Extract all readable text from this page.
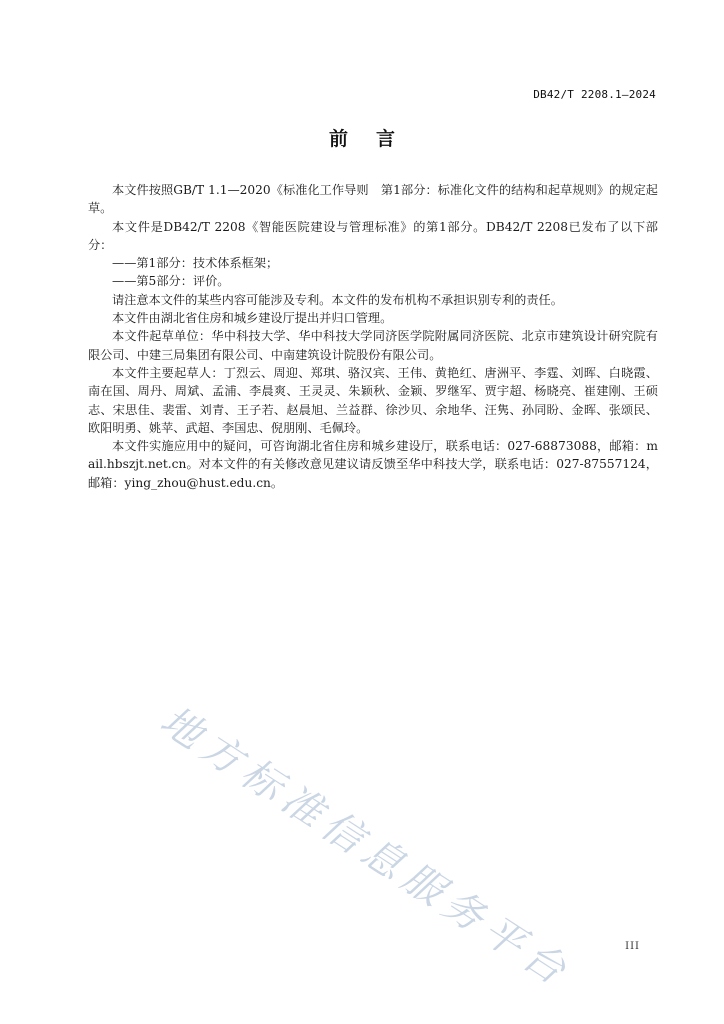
DB42/T 2208.1—2024
前言

本文件按照GB/T 1.1—2020《标准化工作导则　第1部分：标准化文件的结构和起草规则》的规定起草。

本文件是DB42/T 2208《智能医院建设与管理标准》的第1部分。DB42/T 2208已发布了以下部分：

——第1部分：技术体系框架；

——第5部分：评价。

请注意本文件的某些内容可能涉及专利。本文件的发布机构不承担识别专利的责任。

本文件由湖北省住房和城乡建设厅提出并归口管理。

本文件起草单位：华中科技大学、华中科技大学同济医学院附属同济医院、北京市建筑设计研究院有限公司、中建三局集团有限公司、中南建筑设计院股份有限公司。

本文件主要起草人：丁烈云、周迎、郑琪、骆汉宾、王伟、黄艳红、唐洲平、李霆、刘晖、白晓霞、南在国、周丹、周斌、孟浦、李晨爽、王灵灵、朱颖秋、金颖、罗继军、贾宇超、杨晓亮、崔建刚、王硕志、宋思佳、裴雷、刘青、王子若、赵晨旭、兰益群、徐沙贝、余地华、汪隽、孙同盼、金晖、张颂民、欧阳明勇、姚苹、武超、李国忠、倪朋刚、毛佩玲。

本文件实施应用中的疑问，可咨询湖北省住房和城乡建设厅，联系电话：027-68873088，邮箱：mail.hbszjt.net.cn。对本文件的有关修改意见建议请反馈至华中科技大学，联系电话：027-87557124，邮箱：ying_zhou@hust.edu.cn。

地方标准信息服务平台	III
